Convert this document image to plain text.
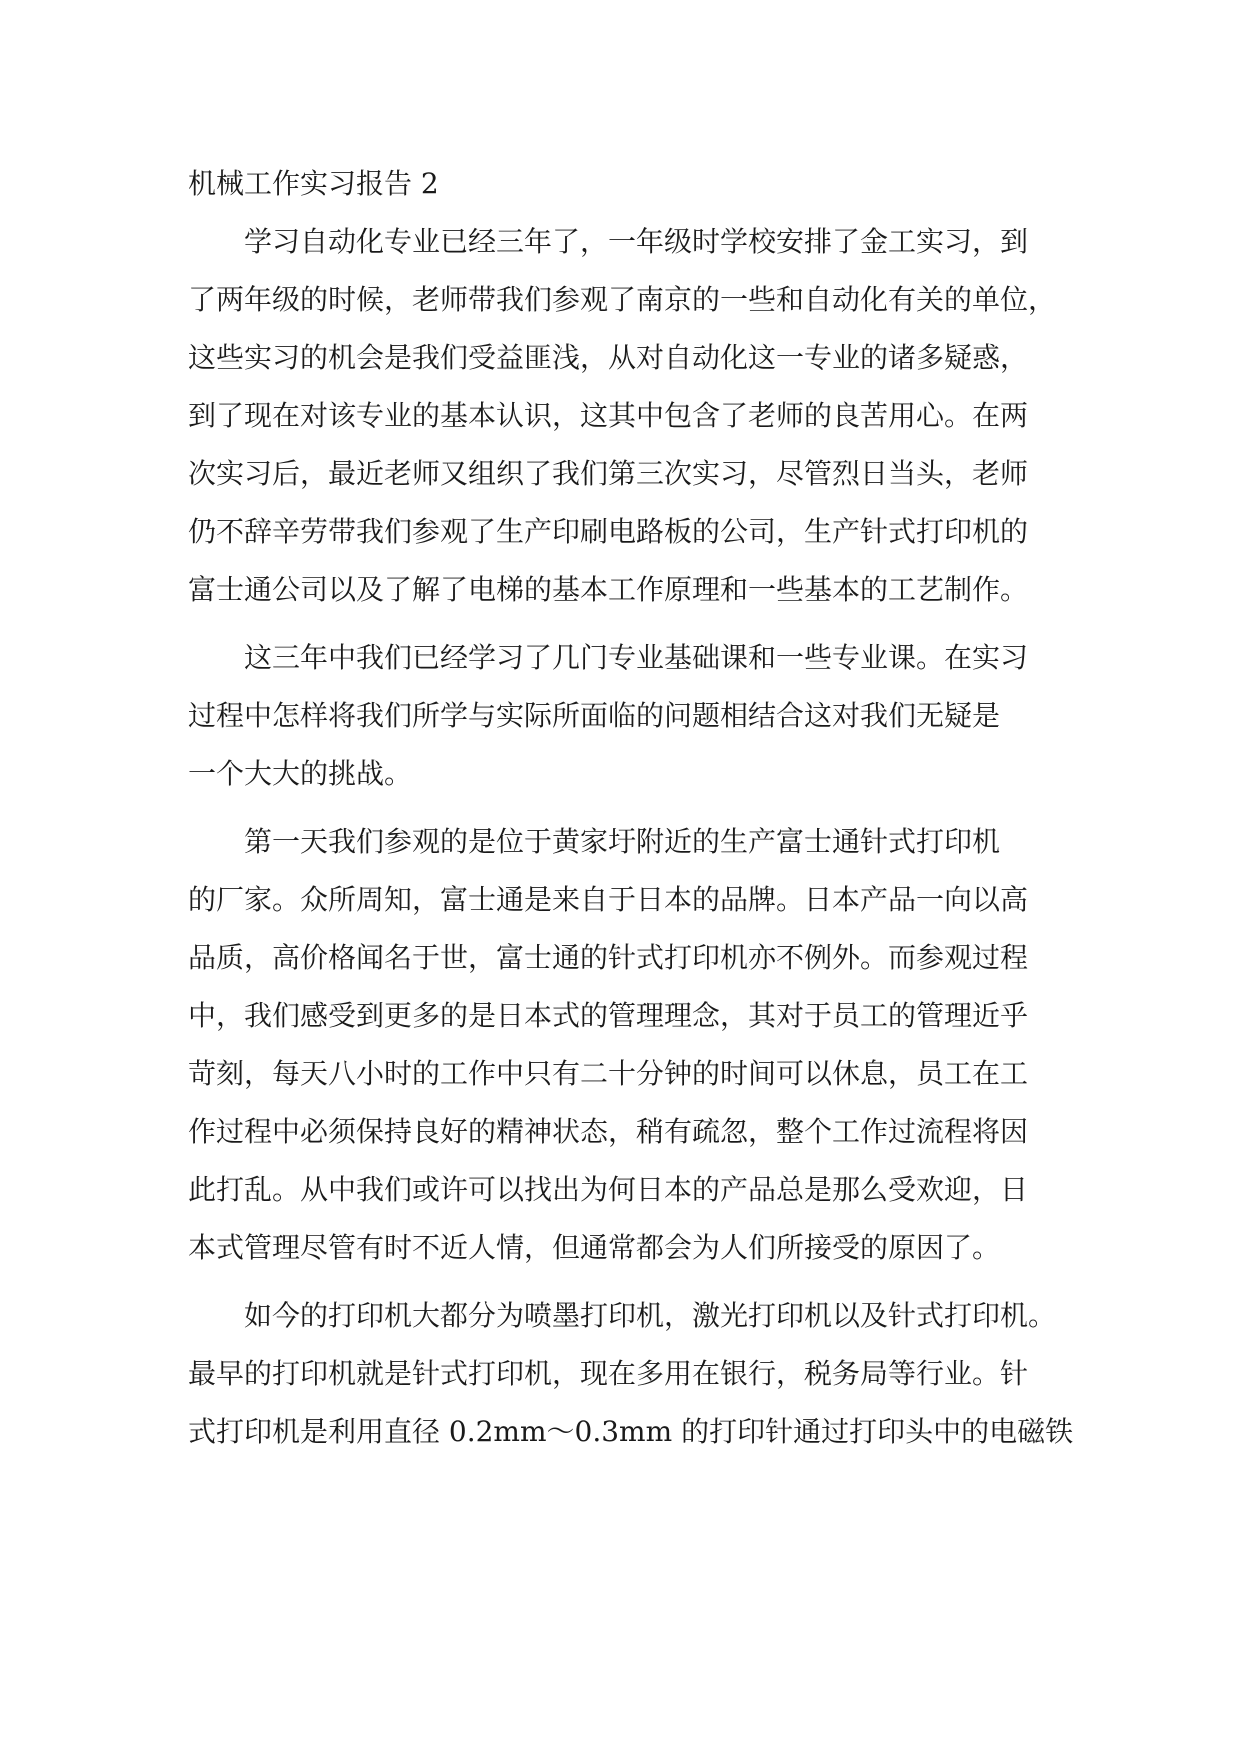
机械工作实习报告 2
　　学习自动化专业已经三年了，一年级时学校安排了金工实习，到
了两年级的时候，老师带我们参观了南京的一些和自动化有关的单位，
这些实习的机会是我们受益匪浅，从对自动化这一专业的诸多疑惑，
到了现在对该专业的基本认识，这其中包含了老师的良苦用心。在两
次实习后，最近老师又组织了我们第三次实习，尽管烈日当头，老师
仍不辞辛劳带我们参观了生产印刷电路板的公司，生产针式打印机的
富士通公司以及了解了电梯的基本工作原理和一些基本的工艺制作。
　　这三年中我们已经学习了几门专业基础课和一些专业课。在实习
过程中怎样将我们所学与实际所面临的问题相结合这对我们无疑是
一个大大的挑战。
　　第一天我们参观的是位于黄家圩附近的生产富士通针式打印机
的厂家。众所周知，富士通是来自于日本的品牌。日本产品一向以高
品质，高价格闻名于世，富士通的针式打印机亦不例外。而参观过程
中，我们感受到更多的是日本式的管理理念，其对于员工的管理近乎
苛刻，每天八小时的工作中只有二十分钟的时间可以休息，员工在工
作过程中必须保持良好的精神状态，稍有疏忽，整个工作过流程将因
此打乱。从中我们或许可以找出为何日本的产品总是那么受欢迎，日
本式管理尽管有时不近人情，但通常都会为人们所接受的原因了。
　　如今的打印机大都分为喷墨打印机，激光打印机以及针式打印机。
最早的打印机就是针式打印机，现在多用在银行，税务局等行业。针
式打印机是利用直径 0.2mm～0.3mm 的打印针通过打印头中的电磁铁
